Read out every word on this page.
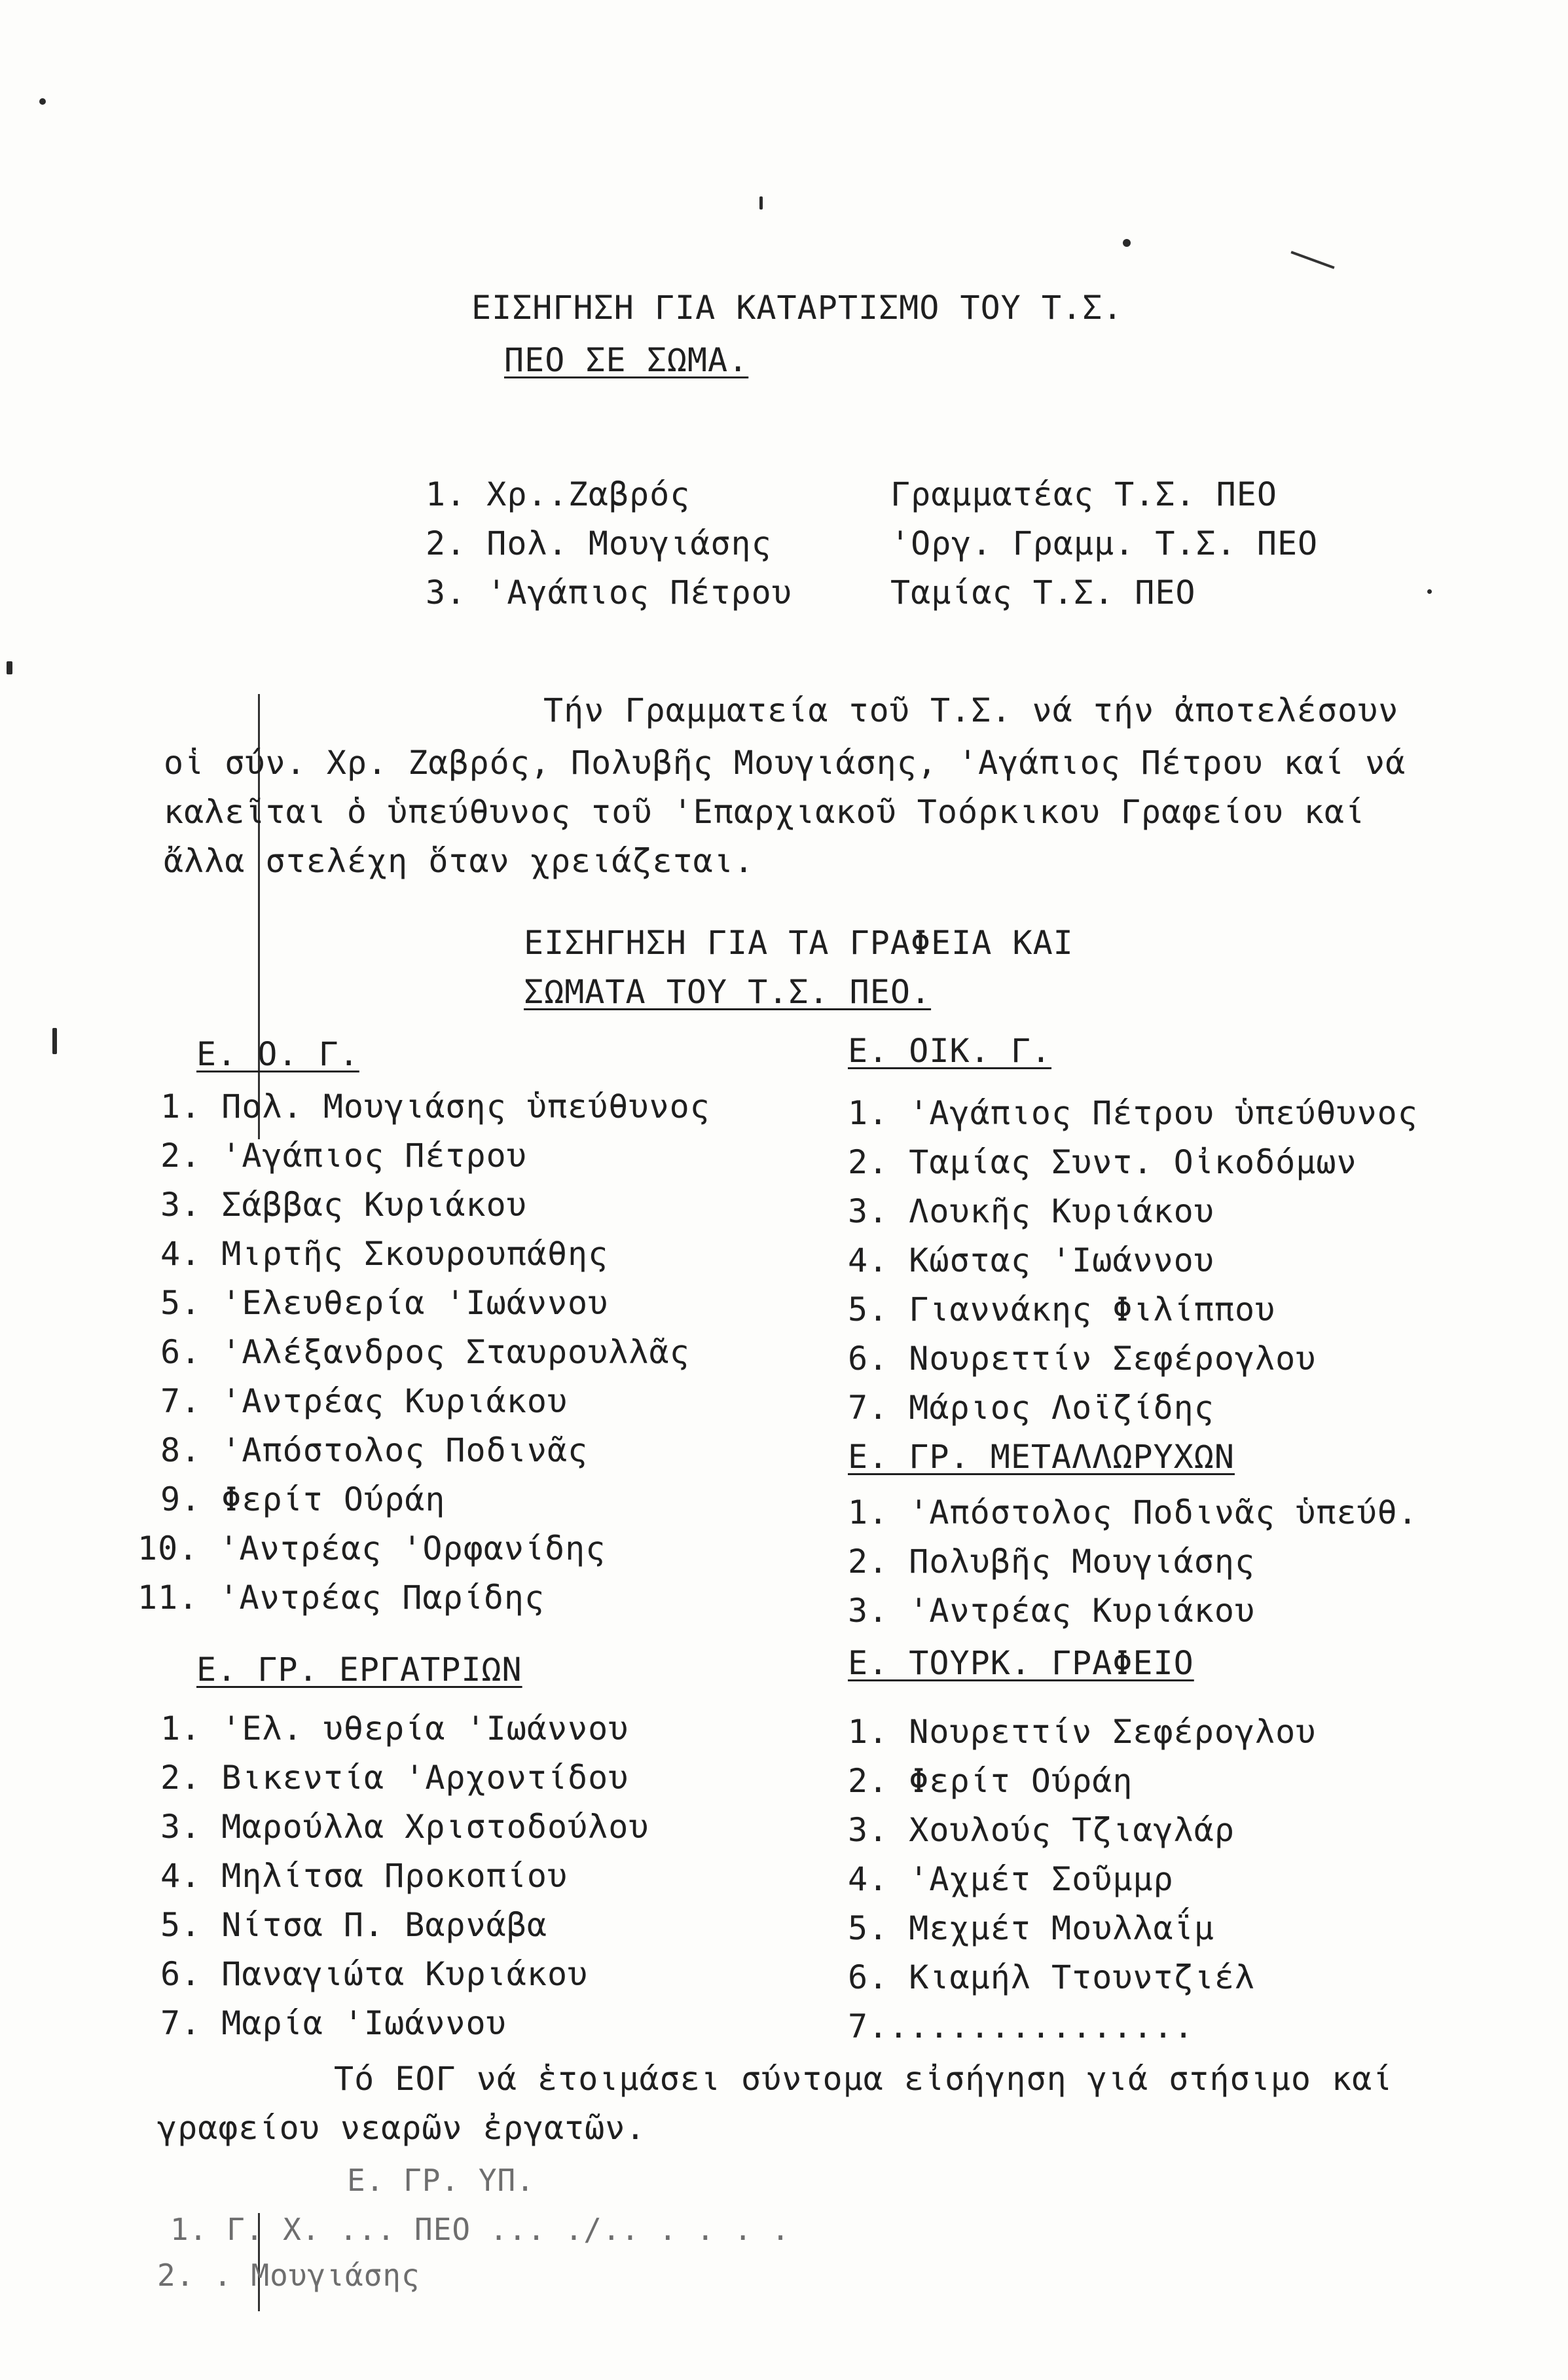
ΕΙΣΗΓΗΣΗ ΓΙΑ ΚΑΤΑΡΤΙΣΜΟ ΤΟΥ Τ.Σ.
ΠΕΟ ΣΕ ΣΩΜΑ.
1. Χρ..Ζαβρός	Γραμματέας Τ.Σ. ΠΕΟ
2. Πολ. Μουγιάσης	'Οργ. Γραμμ. Τ.Σ. ΠΕΟ
3. 'Αγάπιος Πέτρου	Ταμίας Τ.Σ. ΠΕΟ
Τήν Γραμματεία τοῦ Τ.Σ. νά τήν ἀποτελέσουν
οἱ σύν. Χρ. Ζαβρός, Πολυβῆς Μουγιάσης, 'Αγάπιος Πέτρου καί νά
καλεῖται ὁ ὑπεύθυνος τοῦ 'Επαρχιακοῦ Τοόρκικου Γραφείου καί
ἄλλα στελέχη ὅταν χρειάζεται.
ΕΙΣΗΓΗΣΗ ΓΙΑ ΤΑ ΓΡΑΦΕΙΑ ΚΑΙ
ΣΩΜΑΤΑ ΤΟΥ Τ.Σ. ΠΕΟ.
Ε. Ο. Γ.
1. Πολ. Μουγιάσης ὑπεύθυνος
2. 'Αγάπιος Πέτρου
3. Σάββας Κυριάκου
4. Μιρτῆς Σκουρουπάθης
5. 'Ελευθερία 'Ιωάννου
6. 'Αλέξανδρος Σταυρουλλᾶς
7. 'Αντρέας Κυριάκου
8. 'Απόστολος Ποδινᾶς
9. Φερίτ Ούράη
10. 'Αντρέας 'Ορφανίδης
11. 'Αντρέας Παρίδης
Ε. ΓΡ. ΕΡΓΑΤΡΙΩΝ
1. 'Ελ. υθερία 'Ιωάννου
2. Βικεντία 'Αρχοντίδου
3. Μαρούλλα Χριστοδούλου
4. Μηλίτσα Προκοπίου
5. Νίτσα Π. Βαρνάβα
6. Παναγιώτα Κυριάκου
7. Μαρία 'Ιωάννου
Ε. ΟΙΚ. Γ.
1. 'Αγάπιος Πέτρου ὑπεύθυνος
2. Ταμίας Συντ. Οἰκοδόμων
3. Λουκῆς Κυριάκου
4. Κώστας 'Ιωάννου
5. Γιαννάκης Φιλίππου
6. Νουρεττίν Σεφέρογλου
7. Μάριος Λοϊζίδης
Ε. ΓΡ. ΜΕΤΑΛΛΩΡΥΧΩΝ
1. 'Απόστολος Ποδινᾶς ὑπεύθ.
2. Πολυβῆς Μουγιάσης
3. 'Αντρέας Κυριάκου
Ε. ΤΟΥΡΚ. ΓΡΑΦΕΙΟ
1. Νουρεττίν Σεφέρογλου
2. Φερίτ Ούράη
3. Χουλούς Τζιαγλάρ
4. 'Αχμέτ Σοῦμμρ
5. Μεχμέτ Μουλλαΐμ
6. Κιαμήλ Ττουντζιέλ
7................
Τό ΕΟΓ νά ἑτοιμάσει σύντομα εἰσήγηση γιά στήσιμο καί
γραφείου νεαρῶν ἐργατῶν.
Ε. ΓΡ. ΥΠ.
1. Γ. Χ. ... ΠΕΟ ... ./.. . . . .
2. . Μουγιάσης
